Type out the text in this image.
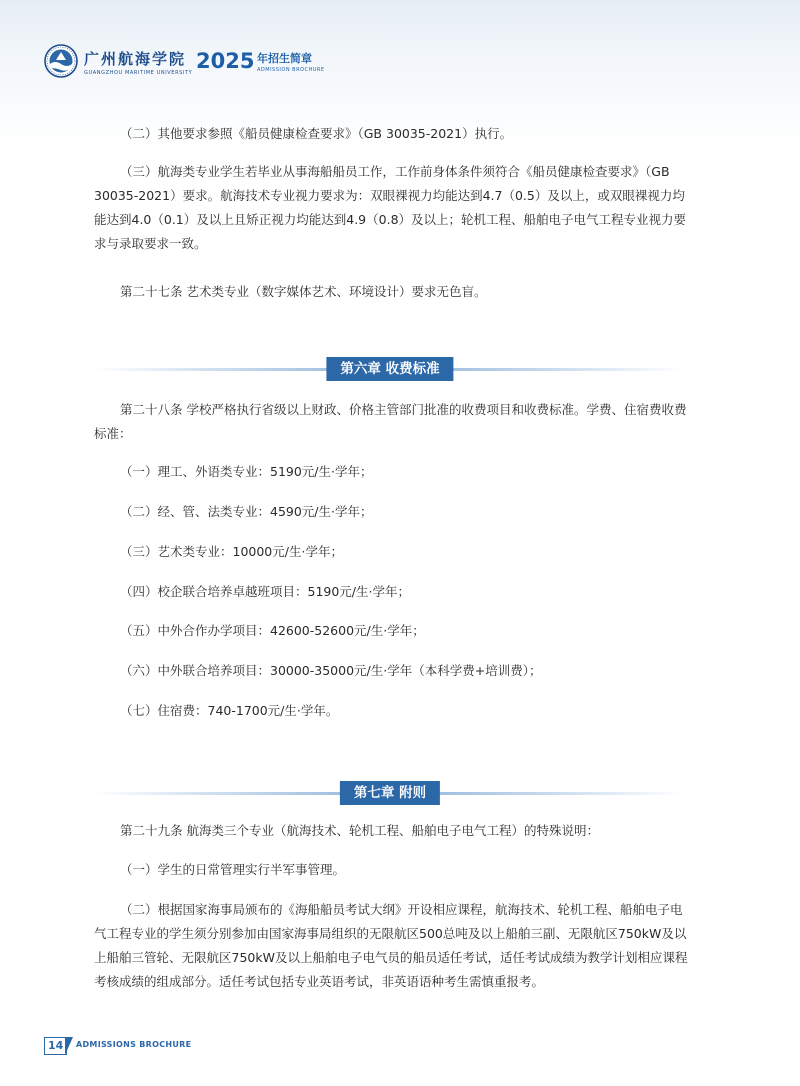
广州航海学院
GUANGZHOU MARITIME UNIVERSITY 2025 年招生简章
ADMISSION BROCHURE

（二）其他要求参照《船员健康检查要求》（GB 30035-2021）执行。

（三）航海类专业学生若毕业从事海船船员工作，工作前身体条件须符合《船员健康检查要求》（GB 30035-2021）要求。航海技术专业视力要求为：双眼裸视力均能达到4.7（0.5）及以上，或双眼裸视力均能达到4.0（0.1）及以上且矫正视力均能达到4.9（0.8）及以上；轮机工程、船舶电子电气工程专业视力要求与录取要求一致。

第二十七条 艺术类专业（数字媒体艺术、环境设计）要求无色盲。

第六章 收费标准

第二十八条 学校严格执行省级以上财政、价格主管部门批准的收费项目和收费标准。学费、住宿费收费标准：

（一）理工、外语类专业：5190元/生·学年；

（二）经、管、法类专业：4590元/生·学年；

（三）艺术类专业：10000元/生·学年；

（四）校企联合培养卓越班项目：5190元/生·学年；

（五）中外合作办学项目：42600-52600元/生·学年；

（六）中外联合培养项目：30000-35000元/生·学年（本科学费+培训费）；

（七）住宿费：740-1700元/生·学年。

第七章 附则

第二十九条 航海类三个专业（航海技术、轮机工程、船舶电子电气工程）的特殊说明：

（一）学生的日常管理实行半军事管理。

（二）根据国家海事局颁布的《海船船员考试大纲》开设相应课程，航海技术、轮机工程、船舶电子电气工程专业的学生须分别参加由国家海事局组织的无限航区500总吨及以上船舶三副、无限航区750kW及以上船舶三管轮、无限航区750kW及以上船舶电子电气员的船员适任考试，适任考试成绩为教学计划相应课程考核成绩的组成部分。适任考试包括专业英语考试，非英语语种考生需慎重报考。

14	ADMISSIONS BROCHURE
